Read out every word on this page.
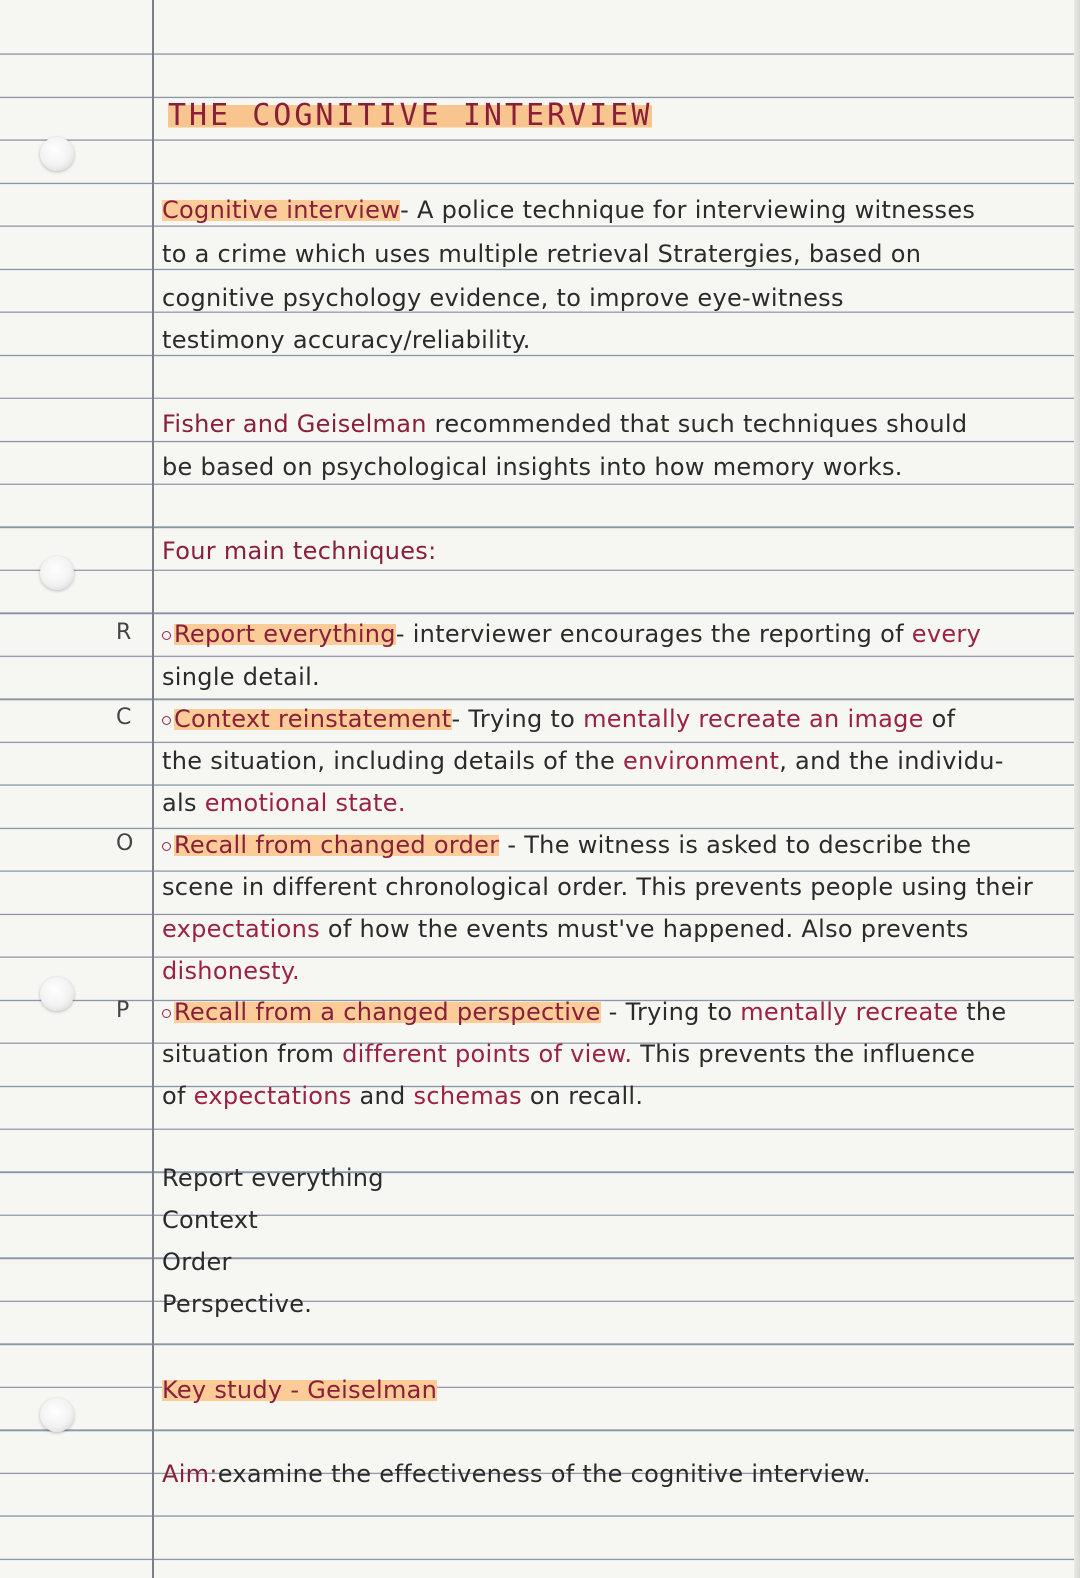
THE COGNITIVE INTERVIEW

Cognitive interview- A police technique for interviewing witnesses

to a crime which uses multiple retrieval Stratergies, based on

cognitive psychology evidence, to improve eye-witness

testimony accuracy/reliability.

Fisher and Geiselman recommended that such techniques should

be based on psychological insights into how memory works.

Four main techniques:

R	Report everything- interviewer encourages the reporting of every

single detail.

C	Context reinstatement- Trying to mentally recreate an image of

the situation, including details of the environment, and the individu-

als emotional state.

O	Recall from changed order - The witness is asked to describe the

scene in different chronological order. This prevents people using their

expectations of how the events must've happened. Also prevents

dishonesty.

P	Recall from a changed perspective - Trying to mentally recreate the

situation from different points of view. This prevents the influence

of expectations and schemas on recall.

Report everything

Context

Order

Perspective.

Key study - Geiselman

Aim:examine the effectiveness of the cognitive interview.
